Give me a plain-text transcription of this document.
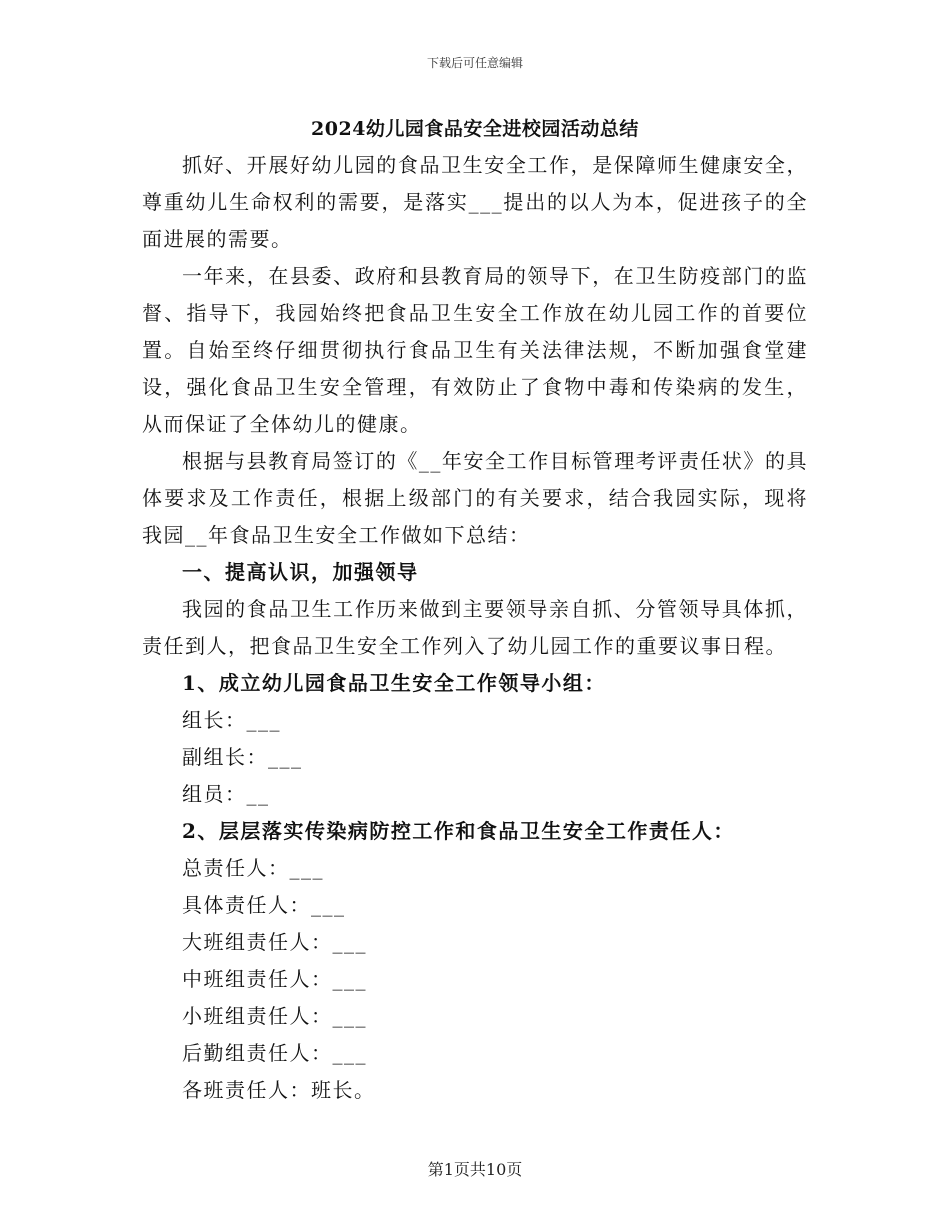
下载后可任意编辑
2024幼儿园食品安全进校园活动总结

抓好、开展好幼儿园的食品卫生安全工作，是保障师生健康安全，尊重幼儿生命权利的需要，是落实___提出的以人为本，促进孩子的全面进展的需要。

一年来，在县委、政府和县教育局的领导下，在卫生防疫部门的监督、指导下，我园始终把食品卫生安全工作放在幼儿园工作的首要位置。自始至终仔细贯彻执行食品卫生有关法律法规，不断加强食堂建设，强化食品卫生安全管理，有效防止了食物中毒和传染病的发生，从而保证了全体幼儿的健康。

根据与县教育局签订的《__年安全工作目标管理考评责任状》的具体要求及工作责任，根据上级部门的有关要求，结合我园实际，现将我园__年食品卫生安全工作做如下总结：

一、提高认识，加强领导

我园的食品卫生工作历来做到主要领导亲自抓、分管领导具体抓，责任到人，把食品卫生安全工作列入了幼儿园工作的重要议事日程。

1、成立幼儿园食品卫生安全工作领导小组：

组长：___

副组长：___

组员：__

2、层层落实传染病防控工作和食品卫生安全工作责任人：

总责任人：___

具体责任人：___

大班组责任人：___

中班组责任人：___

小班组责任人：___

后勤组责任人：___

各班责任人：班长。

第1页共10页
